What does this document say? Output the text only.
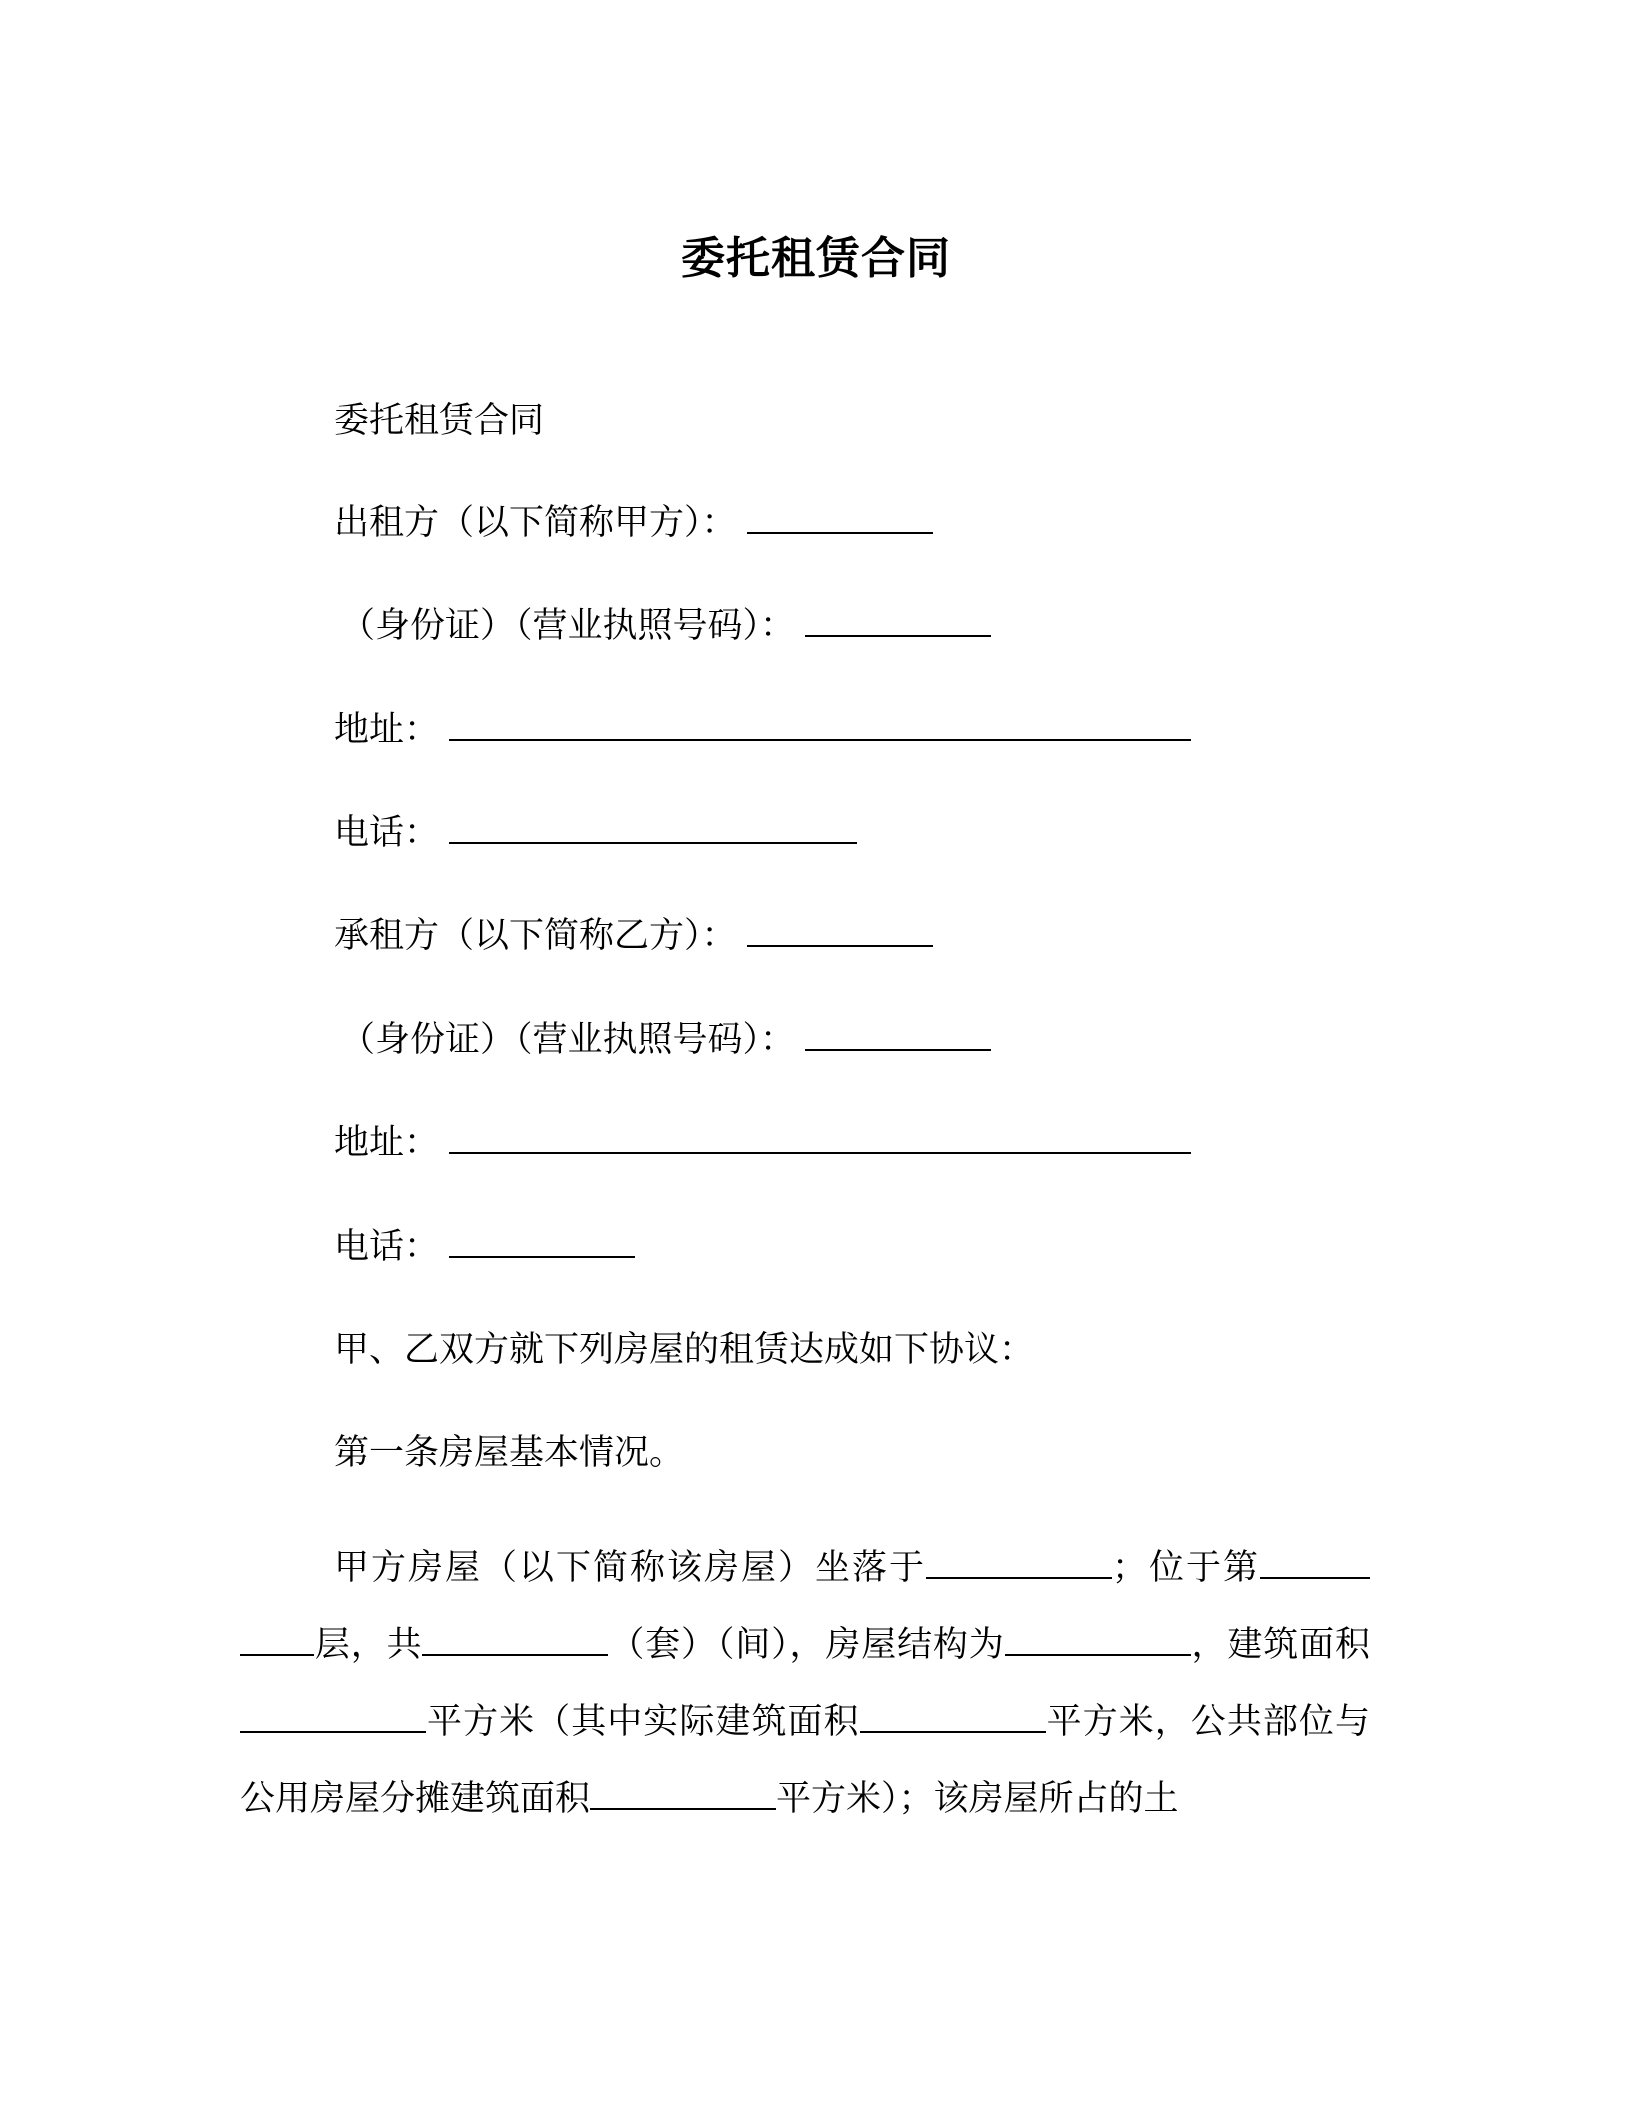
委托租赁合同
委托租赁合同
出租方（以下简称甲方）：
（身份证）（营业执照号码）：
地址：
电话：
承租方（以下简称乙方）：
（身份证）（营业执照号码）：
地址：
电话：
甲、乙双方就下列房屋的租赁达成如下协议：
第一条房屋基本情况。
甲方房屋（以下简称该房屋）坐落于	；位于第层，共	（套）（间），房屋结构为	，建筑面积平方米（其中实际建筑面积	平方米，公共部位与公用房屋分摊建筑面积	平方米）；该房屋所占的土
